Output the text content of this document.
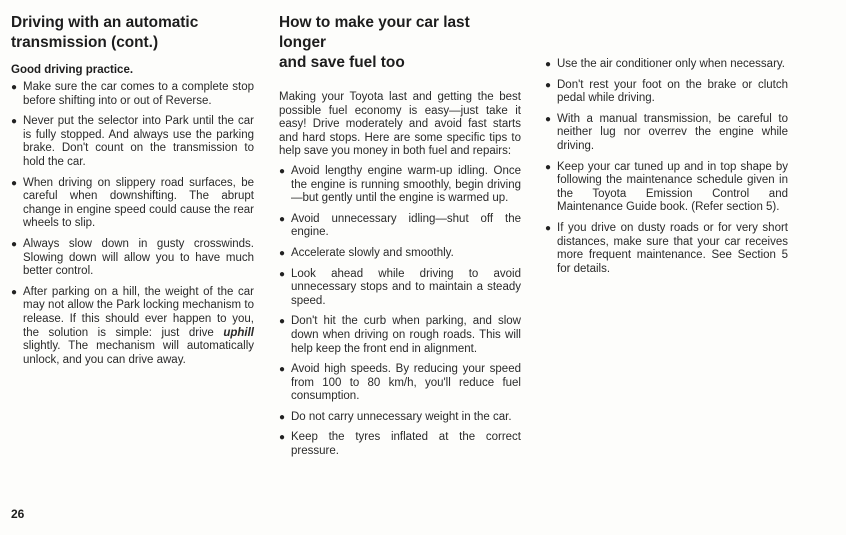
Driving with an automatic
transmission (cont.)
Good driving practice.
● Make sure the car comes to a complete stop before shifting into or out of Reverse.
● Never put the selector into Park until the car is fully stopped. And always use the parking brake. Don't count on the transmission to hold the car.
● When driving on slippery road surfaces, be careful when downshifting. The abrupt change in engine speed could cause the rear wheels to slip.
● Always slow down in gusty crosswinds. Slowing down will allow you to have much better control.
● After parking on a hill, the weight of the car may not allow the Park locking mechanism to release. If this should ever happen to you, the solution is simple: just drive uphill slightly. The mechanism will automatically unlock, and you can drive away.
How to make your car last longer
and save fuel too

Making your Toyota last and getting the best possible fuel economy is easy—just take it easy! Drive moderately and avoid fast starts and hard stops. Here are some specific tips to help save you money in both fuel and repairs:

● Avoid lengthy engine warm-up idling. Once the engine is running smoothly, begin driving—but gently until the engine is warmed up.
● Avoid unnecessary idling—shut off the engine.
● Accelerate slowly and smoothly.
● Look ahead while driving to avoid unnecessary stops and to maintain a steady speed.
● Don't hit the curb when parking, and slow down when driving on rough roads. This will help keep the front end in alignment.
● Avoid high speeds. By reducing your speed from 100 to 80 km/h, you'll reduce fuel consumption.
● Do not carry unnecessary weight in the car.
● Keep the tyres inflated at the correct pressure.
● Use the air conditioner only when necessary.
● Don't rest your foot on the brake or clutch pedal while driving.
● With a manual transmission, be careful to neither lug nor overrev the engine while driving.
● Keep your car tuned up and in top shape by following the maintenance schedule given in the Toyota Emission Control and Maintenance Guide book. (Refer section 5).
● If you drive on dusty roads or for very short distances, make sure that your car receives more frequent maintenance. See Section 5 for details.
26
